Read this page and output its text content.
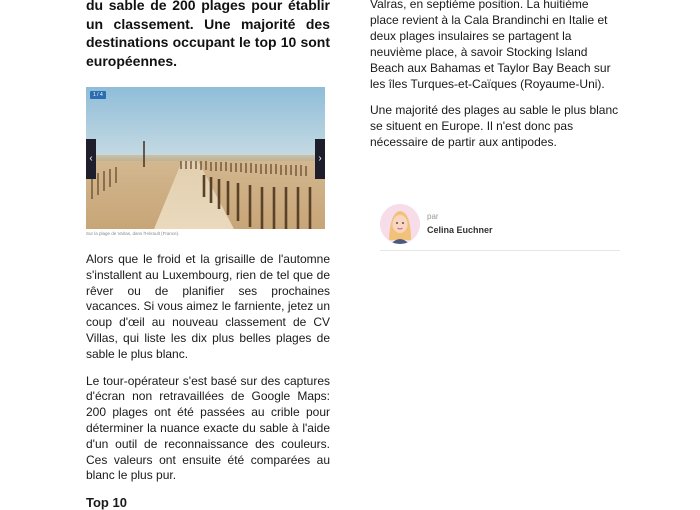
du sable de 200 plages pour établir un classement. Une majorité des destinations occupant le top 10 sont européennes.

1 / 4
‹	›
Sur la plage de Valras, dans l'Hérault (France).

Alors que le froid et la grisaille de l'automne s'installent au Luxembourg, rien de tel que de rêver ou de planifier ses prochaines vacances. Si vous aimez le farniente, jetez un coup d'œil au nouveau classement de CV Villas, qui liste les dix plus belles plages de sable le plus blanc.

Le tour-opérateur s'est basé sur des captures d'écran non retravaillées de Google Maps: 200 plages ont été passées au crible pour déterminer la nuance exacte du sable à l'aide d'un outil de reconnaissance des couleurs. Ces valeurs ont ensuite été comparées au blanc le plus pur.

Top 10

Valras, en septième position. La huitième place revient à la Cala Brandinchi en Italie et deux plages insulaires se partagent la neuvième place, à savoir Stocking Island Beach aux Bahamas et Taylor Bay Beach sur les îles Turques-et-Caïques (Royaume-Uni).

Une majorité des plages au sable le plus blanc se situent en Europe. Il n'est donc pas nécessaire de partir aux antipodes.

par
Celina Euchner
